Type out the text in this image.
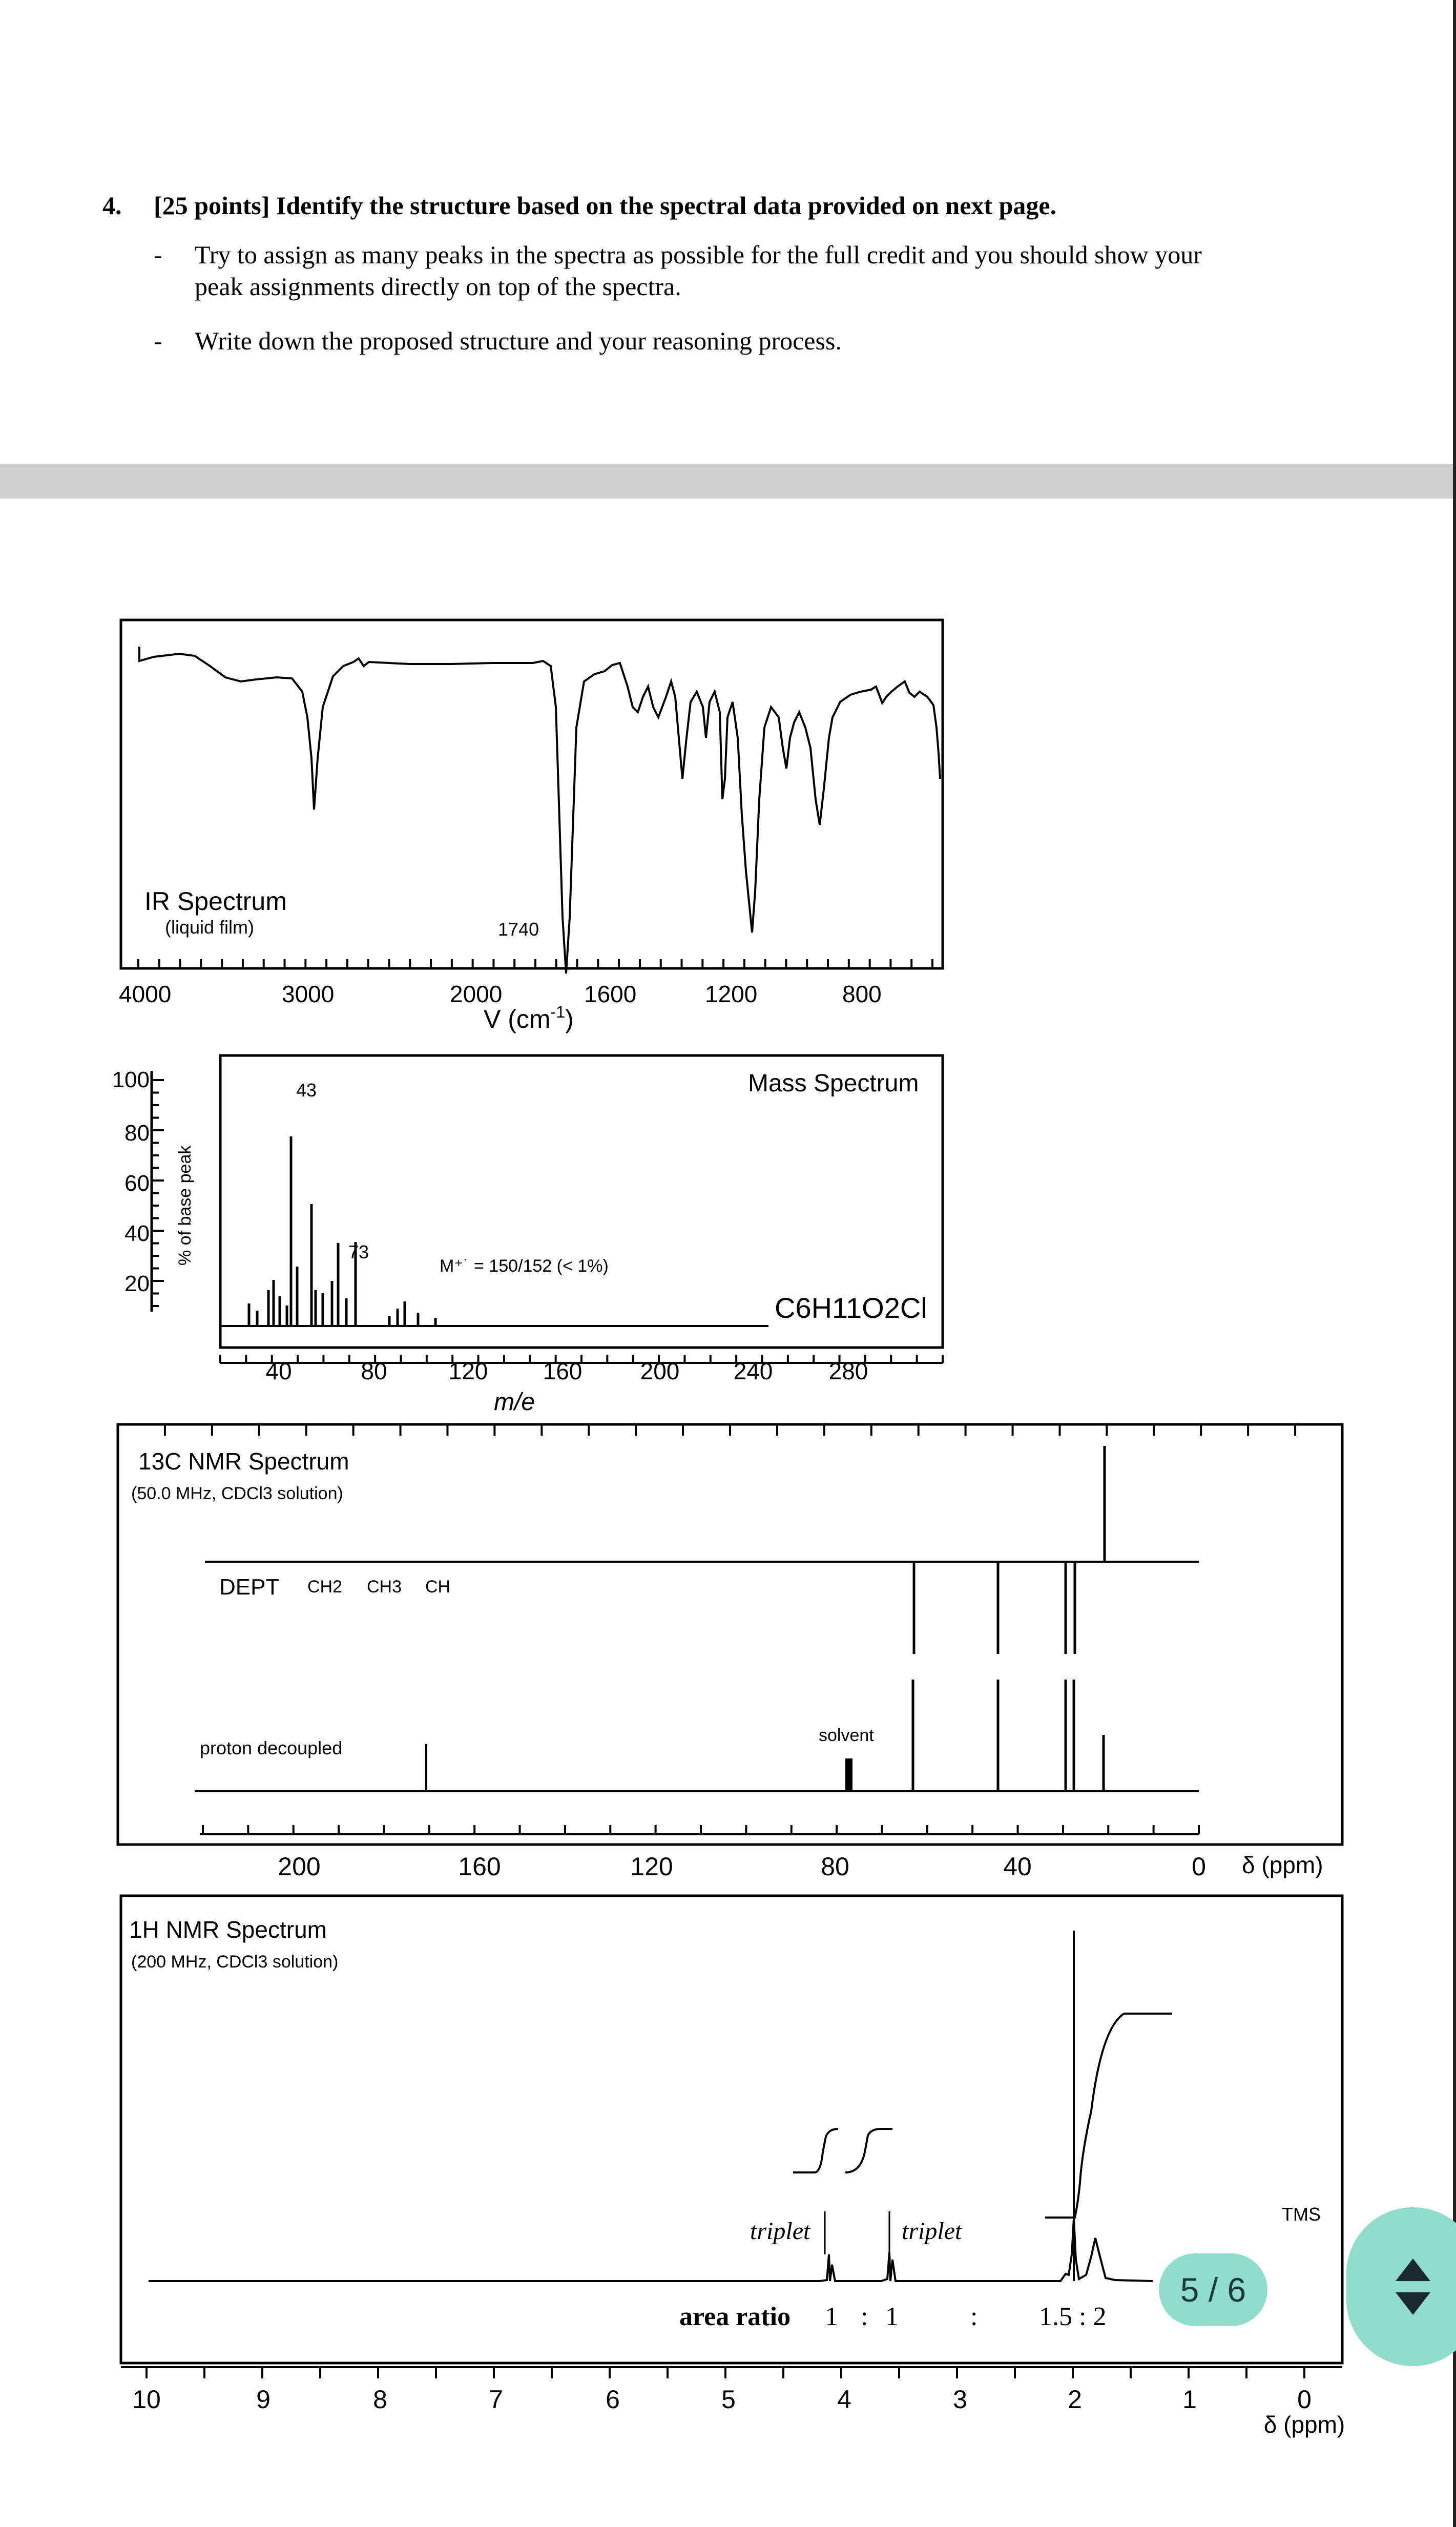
4. [25 points] Identify the structure based on the spectral data provided on next page.
- Try to assign as many peaks in the spectra as possible for the full credit and you should show your
peak assignments directly on top of the spectra.
- Write down the proposed structure and your reasoning process.
IR Spectrum
(liquid film)	1740
4000	3000	2000	1600	1200	800
V $(cm^{-1})$
Mass Spectrum
100
80
60
40
20
% of base peak
43
73
M⁺˙ = 150/152 (< 1%)
C6H11O2Cl
40	80	120 160 200 240 280
m/e
13C NMR Spectrum
(50.0 MHz, CDCl3 solution)
DEPT CH2 CH3 CH
proton decoupled
solvent
200	160	120	80	40	0 δ (ppm)
1H NMR Spectrum
(200 MHz, CDCl3 solution)
triplet	triplet
area ratio 1 : 1	: 1.5 : 2
TMS
10	9	8	7	6	5	4	3	2	1	0
δ (ppm)
5 / 6
